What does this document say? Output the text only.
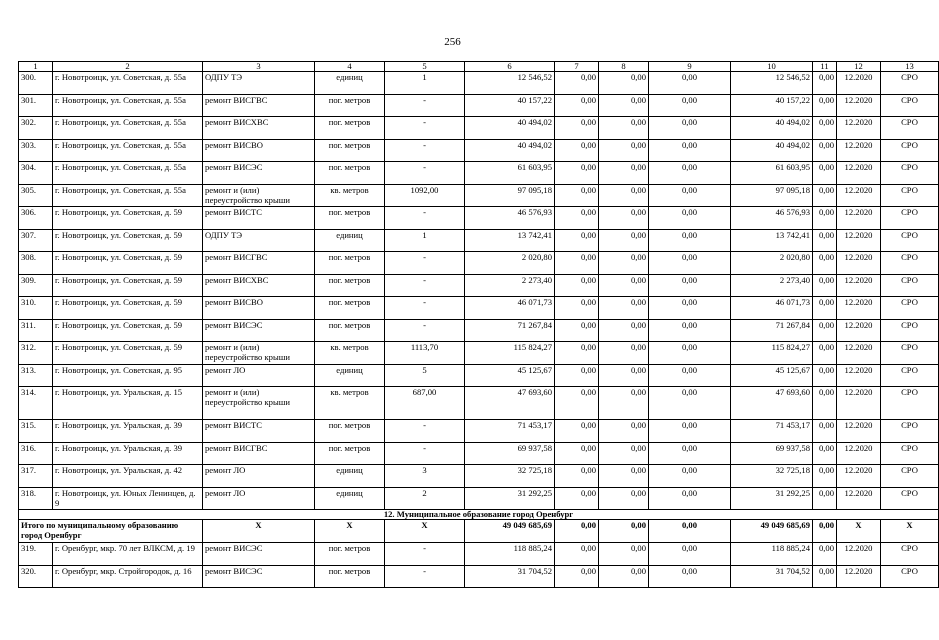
256
1	2	3	4	5	6	7	8	9	10	11	12	13
300.	г. Новотроицк, ул. Советская, д. 55а	ОДПУ ТЭ	единиц	1	12 546,52	0,00	0,00	0,00	12 546,52	0,00	12.2020	СРО
301.	г. Новотроицк, ул. Советская, д. 55а	ремонт ВИСГВС	пог. метров	-	40 157,22	0,00	0,00	0,00	40 157,22	0,00	12.2020	СРО
302.	г. Новотроицк, ул. Советская, д. 55а	ремонт ВИСХВС	пог. метров	-	40 494,02	0,00	0,00	0,00	40 494,02	0,00	12.2020	СРО
303.	г. Новотроицк, ул. Советская, д. 55а	ремонт ВИСВО	пог. метров	-	40 494,02	0,00	0,00	0,00	40 494,02	0,00	12.2020	СРО
304.	г. Новотроицк, ул. Советская, д. 55а	ремонт ВИСЭС	пог. метров	-	61 603,95	0,00	0,00	0,00	61 603,95	0,00	12.2020	СРО
305.	г. Новотроицк, ул. Советская, д. 55а	ремонт и (или) переустройство крыши	кв. метров	1092,00	97 095,18	0,00	0,00	0,00	97 095,18	0,00	12.2020	СРО
306.	г. Новотроицк, ул. Советская, д. 59	ремонт ВИСТС	пог. метров	-	46 576,93	0,00	0,00	0,00	46 576,93	0,00	12.2020	СРО
307.	г. Новотроицк, ул. Советская, д. 59	ОДПУ ТЭ	единиц	1	13 742,41	0,00	0,00	0,00	13 742,41	0,00	12.2020	СРО
308.	г. Новотроицк, ул. Советская, д. 59	ремонт ВИСГВС	пог. метров	-	2 020,80	0,00	0,00	0,00	2 020,80	0,00	12.2020	СРО
309.	г. Новотроицк, ул. Советская, д. 59	ремонт ВИСХВС	пог. метров	-	2 273,40	0,00	0,00	0,00	2 273,40	0,00	12.2020	СРО
310.	г. Новотроицк, ул. Советская, д. 59	ремонт ВИСВО	пог. метров	-	46 071,73	0,00	0,00	0,00	46 071,73	0,00	12.2020	СРО
311.	г. Новотроицк, ул. Советская, д. 59	ремонт ВИСЭС	пог. метров	-	71 267,84	0,00	0,00	0,00	71 267,84	0,00	12.2020	СРО
312.	г. Новотроицк, ул. Советская, д. 59	ремонт и (или) переустройство крыши	кв. метров	1113,70	115 824,27	0,00	0,00	0,00	115 824,27	0,00	12.2020	СРО
313.	г. Новотроицк, ул. Советская, д. 95	ремонт ЛО	единиц	5	45 125,67	0,00	0,00	0,00	45 125,67	0,00	12.2020	СРО
314.	г. Новотроицк, ул. Уральская, д. 15	ремонт и (или) переустройство крыши	кв. метров	687,00	47 693,60	0,00	0,00	0,00	47 693,60	0,00	12.2020	СРО
315.	г. Новотроицк, ул. Уральская, д. 39	ремонт ВИСТС	пог. метров	-	71 453,17	0,00	0,00	0,00	71 453,17	0,00	12.2020	СРО
316.	г. Новотроицк, ул. Уральская, д. 39	ремонт ВИСГВС	пог. метров	-	69 937,58	0,00	0,00	0,00	69 937,58	0,00	12.2020	СРО
317.	г. Новотроицк, ул. Уральская, д. 42	ремонт ЛО	единиц	3	32 725,18	0,00	0,00	0,00	32 725,18	0,00	12.2020	СРО
318.	г. Новотроицк, ул. Юных Ленинцев, д. 9	ремонт ЛО	единиц	2	31 292,25	0,00	0,00	0,00	31 292,25	0,00	12.2020	СРО
12. Муниципальное образование город Оренбург												
Итого по муниципальному образованию город Оренбург		X	X	X	49 049 685,69	0,00	0,00	0,00	49 049 685,69	0,00	X	X
319.	г. Оренбург, мкр. 70 лет ВЛКСМ, д. 19	ремонт ВИСЭС	пог. метров	-	118 885,24	0,00	0,00	0,00	118 885,24	0,00	12.2020	СРО
320.	г. Оренбург, мкр. Стройгородок, д. 16	ремонт ВИСЭС	пог. метров	-	31 704,52	0,00	0,00	0,00	31 704,52	0,00	12.2020	СРО
